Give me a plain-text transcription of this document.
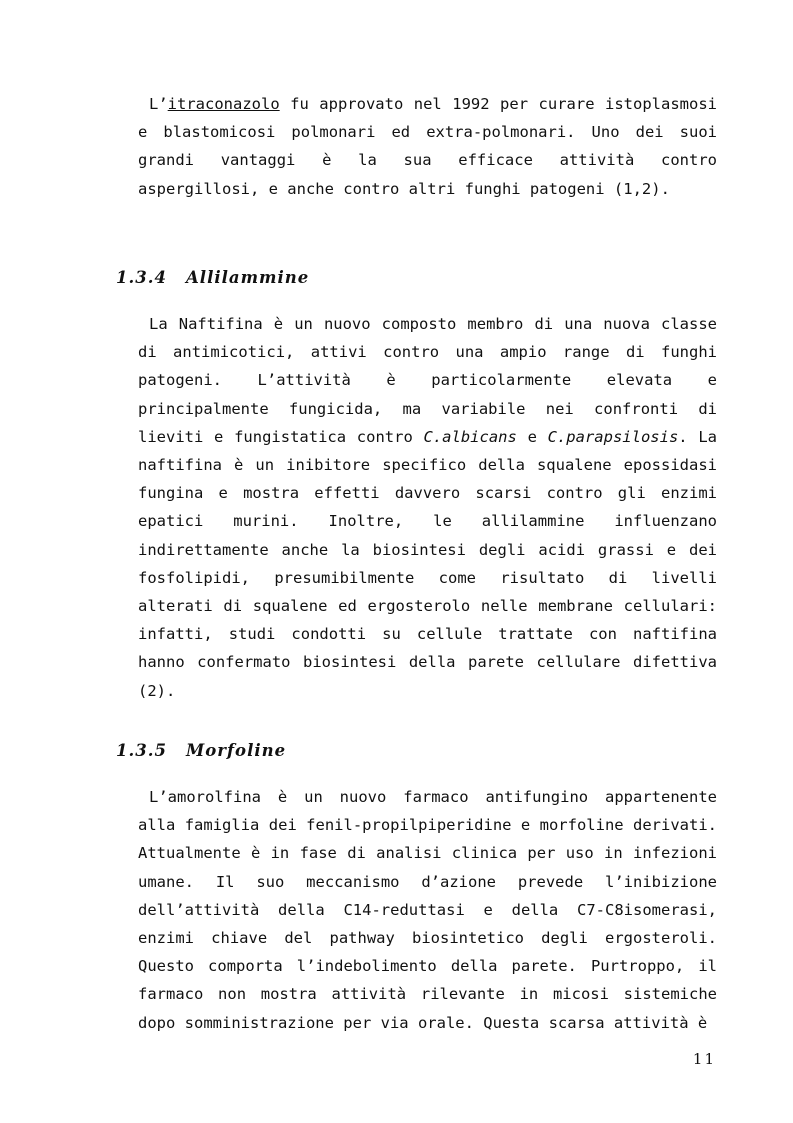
L’itraconazolo fu approvato nel 1992 per curare istoplasmosi e blastomicosi polmonari ed extra-polmonari. Uno dei suoi grandi vantaggi è la sua efficace attività contro aspergillosi, e anche contro altri funghi patogeni (1,2).

1.3.4 Allilammine

La Naftifina è un nuovo composto membro di una nuova classe di antimicotici, attivi contro una ampio range di funghi patogeni. L’attività è particolarmente elevata e principalmente fungicida, ma variabile nei confronti di lieviti e fungistatica contro C.albicans e C.parapsilosis. La naftifina è un inibitore specifico della squalene epossidasi fungina e mostra effetti davvero scarsi contro gli enzimi epatici murini. Inoltre, le allilammine influenzano indirettamente anche la biosintesi degli acidi grassi e dei fosfolipidi, presumibilmente come risultato di livelli alterati di squalene ed ergosterolo nelle membrane cellulari: infatti, studi condotti su cellule trattate con naftifina hanno confermato biosintesi della parete cellulare difettiva (2).

1.3.5 Morfoline

L’amorolfina è un nuovo farmaco antifungino appartenente alla famiglia dei fenil-propilpiperidine e morfoline derivati. Attualmente è in fase di analisi clinica per uso in infezioni umane. Il suo meccanismo d’azione prevede l’inibizione dell’attività della C14-reduttasi e della C7-C8isomerasi, enzimi chiave del pathway biosintetico degli ergosteroli. Questo comporta l’indebolimento della parete. Purtroppo, il farmaco non mostra attività rilevante in micosi sistemiche dopo somministrazione per via orale. Questa scarsa attività è

11
